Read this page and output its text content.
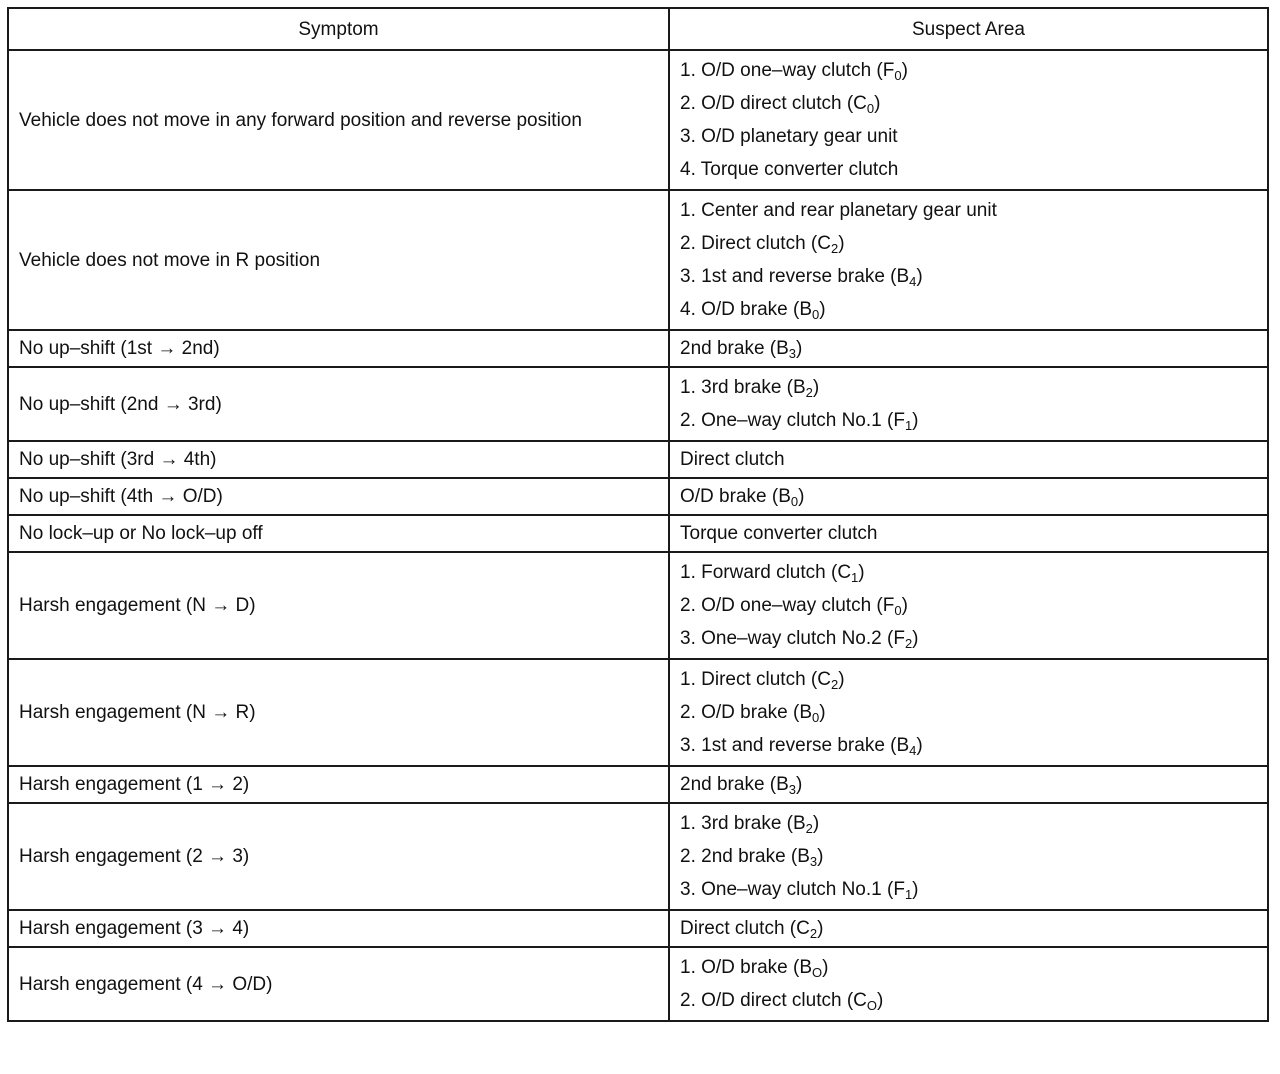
Symptom	Suspect Area
Vehicle does not move in any forward position and reverse position	1. O/D one–way clutch $(F_0)$
2. O/D direct clutch $(C_0)$
3. O/D planetary gear unit
4. Torque converter clutch

Vehicle does not move in R position	1. Center and rear planetary gear unit
2. Direct clutch $(C_2)$
3. 1st and reverse brake $(B_4)$
4. O/D brake $(B_0)$

No up–shift (1st → 2nd)	2nd brake $(B_3)$

No up–shift (2nd → 3rd)	1. 3rd brake $(B_2)$
2. One–way clutch No.1 $(F_1)$

No up–shift (3rd → 4th)	Direct clutch

No up–shift (4th → O/D)	O/D brake $(B_0)$

No lock–up or No lock–up off	Torque converter clutch

Harsh engagement (N → D)	1. Forward clutch $(C_1)$
2. O/D one–way clutch $(F_0)$
3. One–way clutch No.2 $(F_2)$

Harsh engagement (N → R)	1. Direct clutch $(C_2)$
2. O/D brake $(B_0)$
3. 1st and reverse brake $(B_4)$

Harsh engagement (1 → 2)	2nd brake $(B_3)$

Harsh engagement (2 → 3)	1. 3rd brake $(B_2)$
2. 2nd brake $(B_3)$
3. One–way clutch No.1 $(F_1)$

Harsh engagement (3 → 4)	Direct clutch $(C_2)$

Harsh engagement (4 → O/D)	1. O/D brake $(B_O)$
2. O/D direct clutch $(C_O)$
